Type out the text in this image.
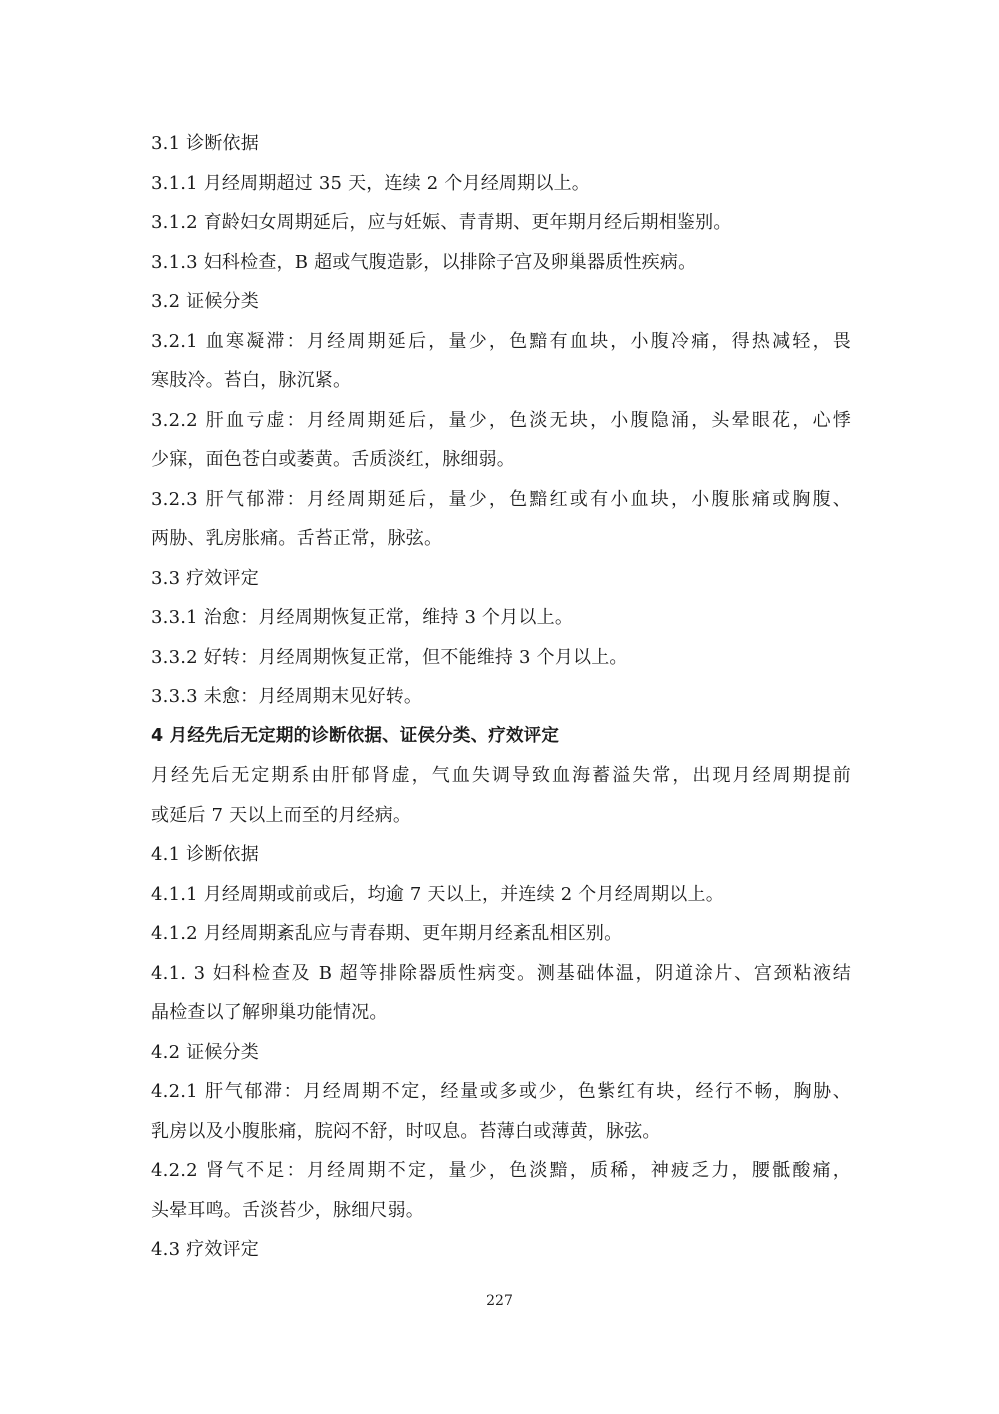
3.1 诊断依据
3.1.1 月经周期超过 35 天，连续 2 个月经周期以上。
3.1.2 育龄妇女周期延后，应与妊娠、青青期、更年期月经后期相鉴别。
3.1.3 妇科检查，B 超或气腹造影，以排除子宫及卵巢器质性疾病。
3.2 证候分类
3.2.1 血寒凝滞：月经周期延后，量少，色黯有血块，小腹冷痛，得热减轻，畏
寒肢冷。苔白，脉沉紧。
3.2.2 肝血亏虚：月经周期延后，量少，色淡无块，小腹隐涌，头晕眼花，心悸
少寐，面色苍白或萎黄。舌质淡红，脉细弱。
3.2.3 肝气郁滞：月经周期延后，量少，色黯红或有小血块，小腹胀痛或胸腹、
两胁、乳房胀痛。舌苔正常，脉弦。
3.3 疗效评定
3.3.1 治愈：月经周期恢复正常，维持 3 个月以上。
3.3.2 好转：月经周期恢复正常，但不能维持 3 个月以上。
3.3.3 未愈：月经周期末见好转。
4 月经先后无定期的诊断依据、证侯分类、疗效评定
月经先后无定期系由肝郁肾虚，气血失调导致血海蓄溢失常，出现月经周期提前
或延后 7 天以上而至的月经病。
4.1 诊断依据
4.1.1 月经周期或前或后，均逾 7 天以上，并连续 2 个月经周期以上。
4.1.2 月经周期紊乱应与青春期、更年期月经紊乱相区别。
4.1. 3 妇科检查及 B 超等排除器质性病变。测基础体温，阴道涂片、宫颈粘液结
晶检查以了解卵巢功能情况。
4.2 证候分类
4.2.1 肝气郁滞：月经周期不定，经量或多或少，色紫红有块，经行不畅，胸胁、
乳房以及小腹胀痛，脘闷不舒，时叹息。苔薄白或薄黄，脉弦。
4.2.2 肾气不足：月经周期不定，量少，色淡黯，质稀，神疲乏力，腰骶酸痛，
头晕耳鸣。舌淡苔少，脉细尺弱。
4.3 疗效评定
227
